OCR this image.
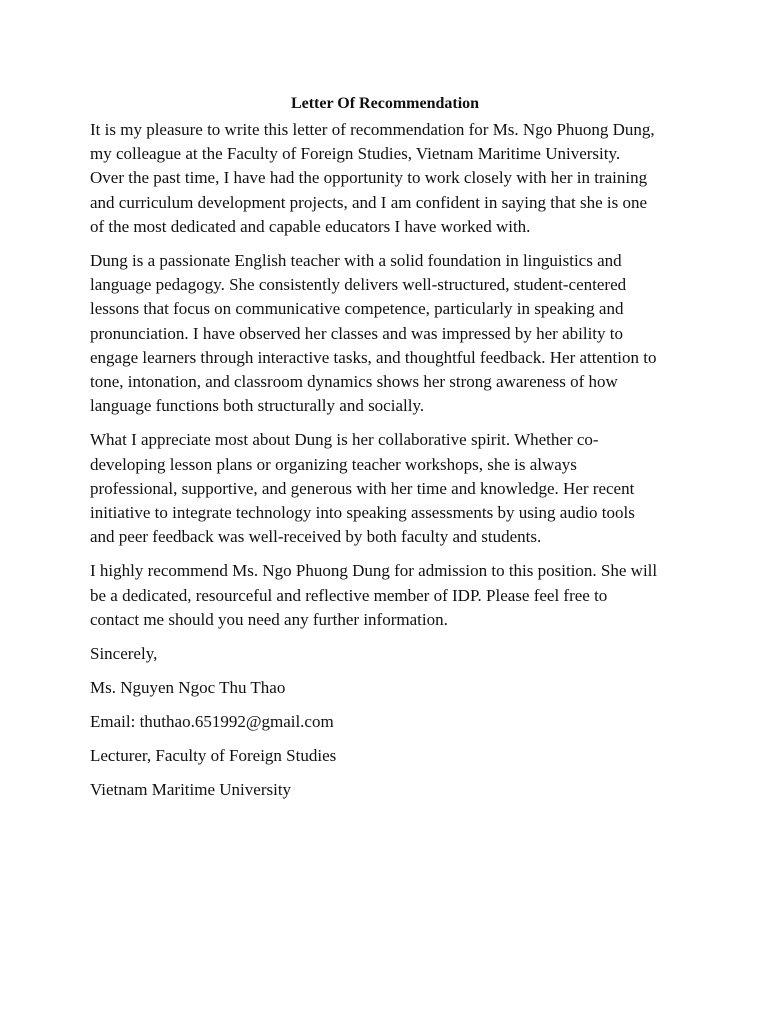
Letter Of Recommendation
It is my pleasure to write this letter of recommendation for Ms. Ngo Phuong Dung,
my colleague at the Faculty of Foreign Studies, Vietnam Maritime University.
Over the past time, I have had the opportunity to work closely with her in training
and curriculum development projects, and I am confident in saying that she is one
of the most dedicated and capable educators I have worked with.
Dung is a passionate English teacher with a solid foundation in linguistics and
language pedagogy. She consistently delivers well-structured, student-centered
lessons that focus on communicative competence, particularly in speaking and
pronunciation. I have observed her classes and was impressed by her ability to
engage learners through interactive tasks, and thoughtful feedback. Her attention to
tone, intonation, and classroom dynamics shows her strong awareness of how
language functions both structurally and socially.
What I appreciate most about Dung is her collaborative spirit. Whether co-
developing lesson plans or organizing teacher workshops, she is always
professional, supportive, and generous with her time and knowledge. Her recent
initiative to integrate technology into speaking assessments by using audio tools
and peer feedback was well-received by both faculty and students.
I highly recommend Ms. Ngo Phuong Dung for admission to this position. She will
be a dedicated, resourceful and reflective member of IDP. Please feel free to
contact me should you need any further information.
Sincerely,
Ms. Nguyen Ngoc Thu Thao
Email: thuthao.651992@gmail.com
Lecturer, Faculty of Foreign Studies
Vietnam Maritime University
